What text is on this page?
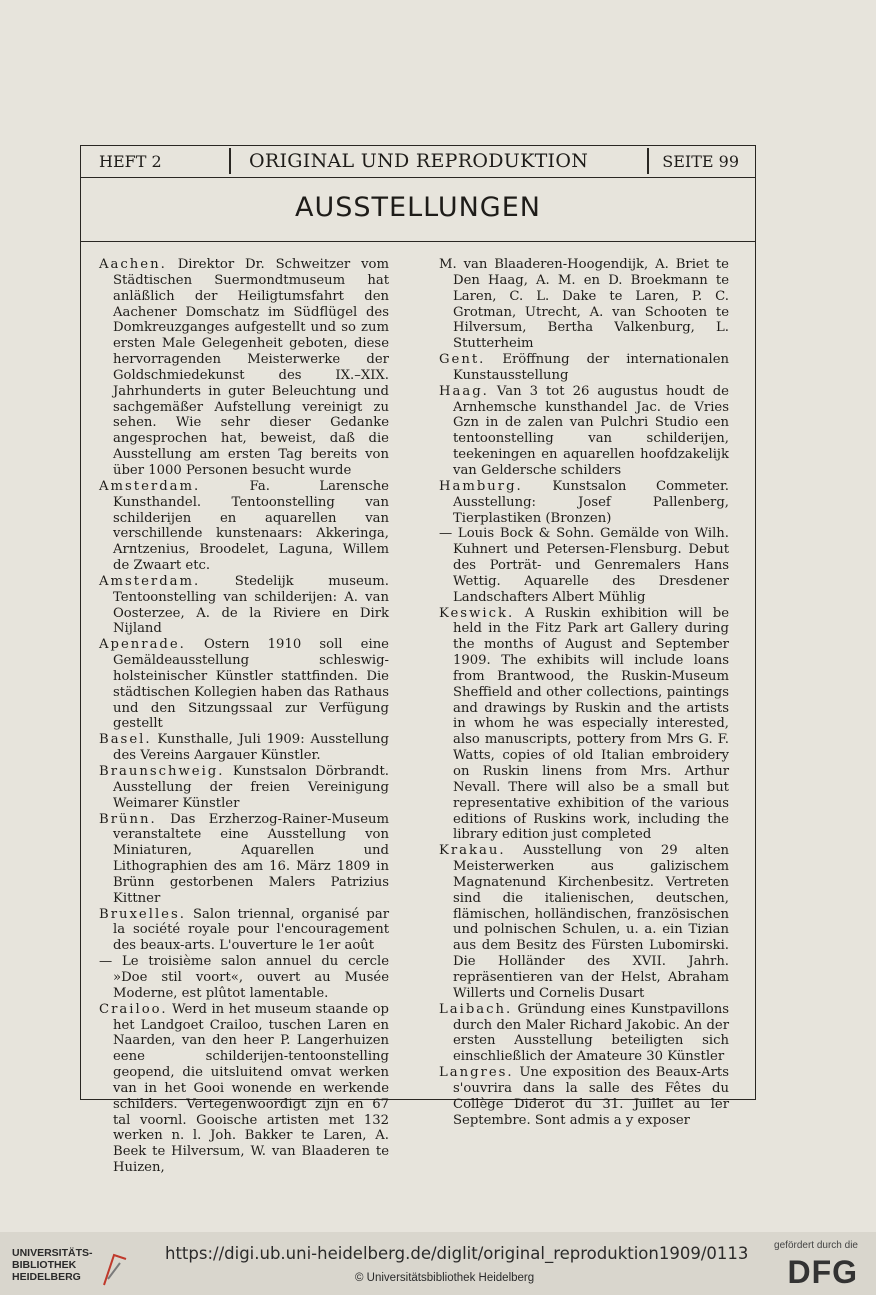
HEFT 2	ORIGINAL UND REPRODUKTION	SEITE 99
AUSSTELLUNGEN

Aachen. Direktor Dr. Schweitzer vom Städtischen Suermondtmuseum hat anläßlich der Heiligtumsfahrt den Aachener Domschatz im Südflügel des Domkreuzganges aufgestellt und so zum ersten Male Gelegenheit geboten, diese hervorragenden Meisterwerke der Goldschmiedekunst des IX.–XIX. Jahrhunderts in guter Beleuchtung und sachgemäßer Aufstellung vereinigt zu sehen. Wie sehr dieser Gedanke angesprochen hat, beweist, daß die Ausstellung am ersten Tag bereits von über 1000 Personen besucht wurde

Amsterdam. Fa. Larensche Kunsthandel. Tentoonstelling van schilderijen en aquarellen van verschillende kunstenaars: Akkeringa, Arntzenius, Broodelet, Laguna, Willem de Zwaart etc.

Amsterdam. Stedelijk museum. Tentoonstelling van schilderijen: A. van Oosterzee, A. de la Riviere en Dirk Nijland

Apenrade. Ostern 1910 soll eine Gemäldeausstellung schleswig-holsteinischer Künstler stattfinden. Die städtischen Kollegien haben das Rathaus und den Sitzungssaal zur Verfügung gestellt

Basel. Kunsthalle, Juli 1909: Ausstellung des Vereins Aargauer Künstler.

Braunschweig. Kunstsalon Dörbrandt. Ausstellung der freien Vereinigung Weimarer Künstler

Brünn. Das Erzherzog-Rainer-Museum veranstaltete eine Ausstellung von Miniaturen, Aquarellen und Lithographien des am 16. März 1809 in Brünn gestorbenen Malers Patrizius Kittner

Bruxelles. Salon triennal, organisé par la société royale pour l'encouragement des beaux-arts. L'ouverture le 1er août

— Le troisième salon annuel du cercle »Doe stil voort«, ouvert au Musée Moderne, est plûtot lamentable.

Crailoo. Werd in het museum staande op het Landgoet Crailoo, tuschen Laren en Naarden, van den heer P. Langerhuizen eene schilderijen-tentoonstelling geopend, die uitsluitend omvat werken van in het Gooi wonende en werkende schilders. Vertegenwoordigt zijn en 67 tal voornl. Gooische artisten met 132 werken n. l. Joh. Bakker te Laren, A. Beek te Hilversum, W. van Blaaderen te Huizen,

M. van Blaaderen-Hoogendijk, A. Briet te Den Haag, A. M. en D. Broekmann te Laren, C. L. Dake te Laren, P. C. Grotman, Utrecht, A. van Schooten te Hilversum, Bertha Valkenburg, L. Stutterheim

Gent. Eröffnung der internationalen Kunstausstellung

Haag. Van 3 tot 26 augustus houdt de Arnhemsche kunsthandel Jac. de Vries Gzn in de zalen van Pulchri Studio een tentoonstelling van schilderijen, teekeningen en aquarellen hoofdzakelijk van Geldersche schilders

Hamburg. Kunstsalon Commeter. Ausstellung: Josef Pallenberg, Tierplastiken (Bronzen)

— Louis Bock & Sohn. Gemälde von Wilh. Kuhnert und Petersen-Flensburg. Debut des Porträt- und Genremalers Hans Wettig. Aquarelle des Dresdener Landschafters Albert Mühlig

Keswick. A Ruskin exhibition will be held in the Fitz Park art Gallery during the months of August and September 1909. The exhibits will include loans from Brantwood, the Ruskin-Museum Sheffield and other collections, paintings and drawings by Ruskin and the artists in whom he was especially interested, also manuscripts, pottery from Mrs G. F. Watts, copies of old Italian embroidery on Ruskin linens from Mrs. Arthur Nevall. There will also be a small but representative exhibition of the various editions of Ruskins work, including the library edition just completed

Krakau. Ausstellung von 29 alten Meisterwerken aus galizischem Magnatenund Kirchenbesitz. Vertreten sind die italienischen, deutschen, flämischen, holländischen, französischen und polnischen Schulen, u. a. ein Tizian aus dem Besitz des Fürsten Lubomirski. Die Holländer des XVII. Jahrh. repräsentieren van der Helst, Abraham Willerts und Cornelis Dusart

Laibach. Gründung eines Kunstpavillons durch den Maler Richard Jakobic. An der ersten Ausstellung beteiligten sich einschließlich der Amateure 30 Künstler

Langres. Une exposition des Beaux-Arts s'ouvrira dans la salle des Fêtes du Collège Diderot du 31. Juillet au ler Septembre. Sont admis a y exposer

UNIVERSITÄTS-
BIBLIOTHEK
HEIDELBERG
https://digi.ub.uni-heidelberg.de/diglit/original_reproduktion1909/0113
© Universitätsbibliothek Heidelberg
gefördert durch die
DFG
